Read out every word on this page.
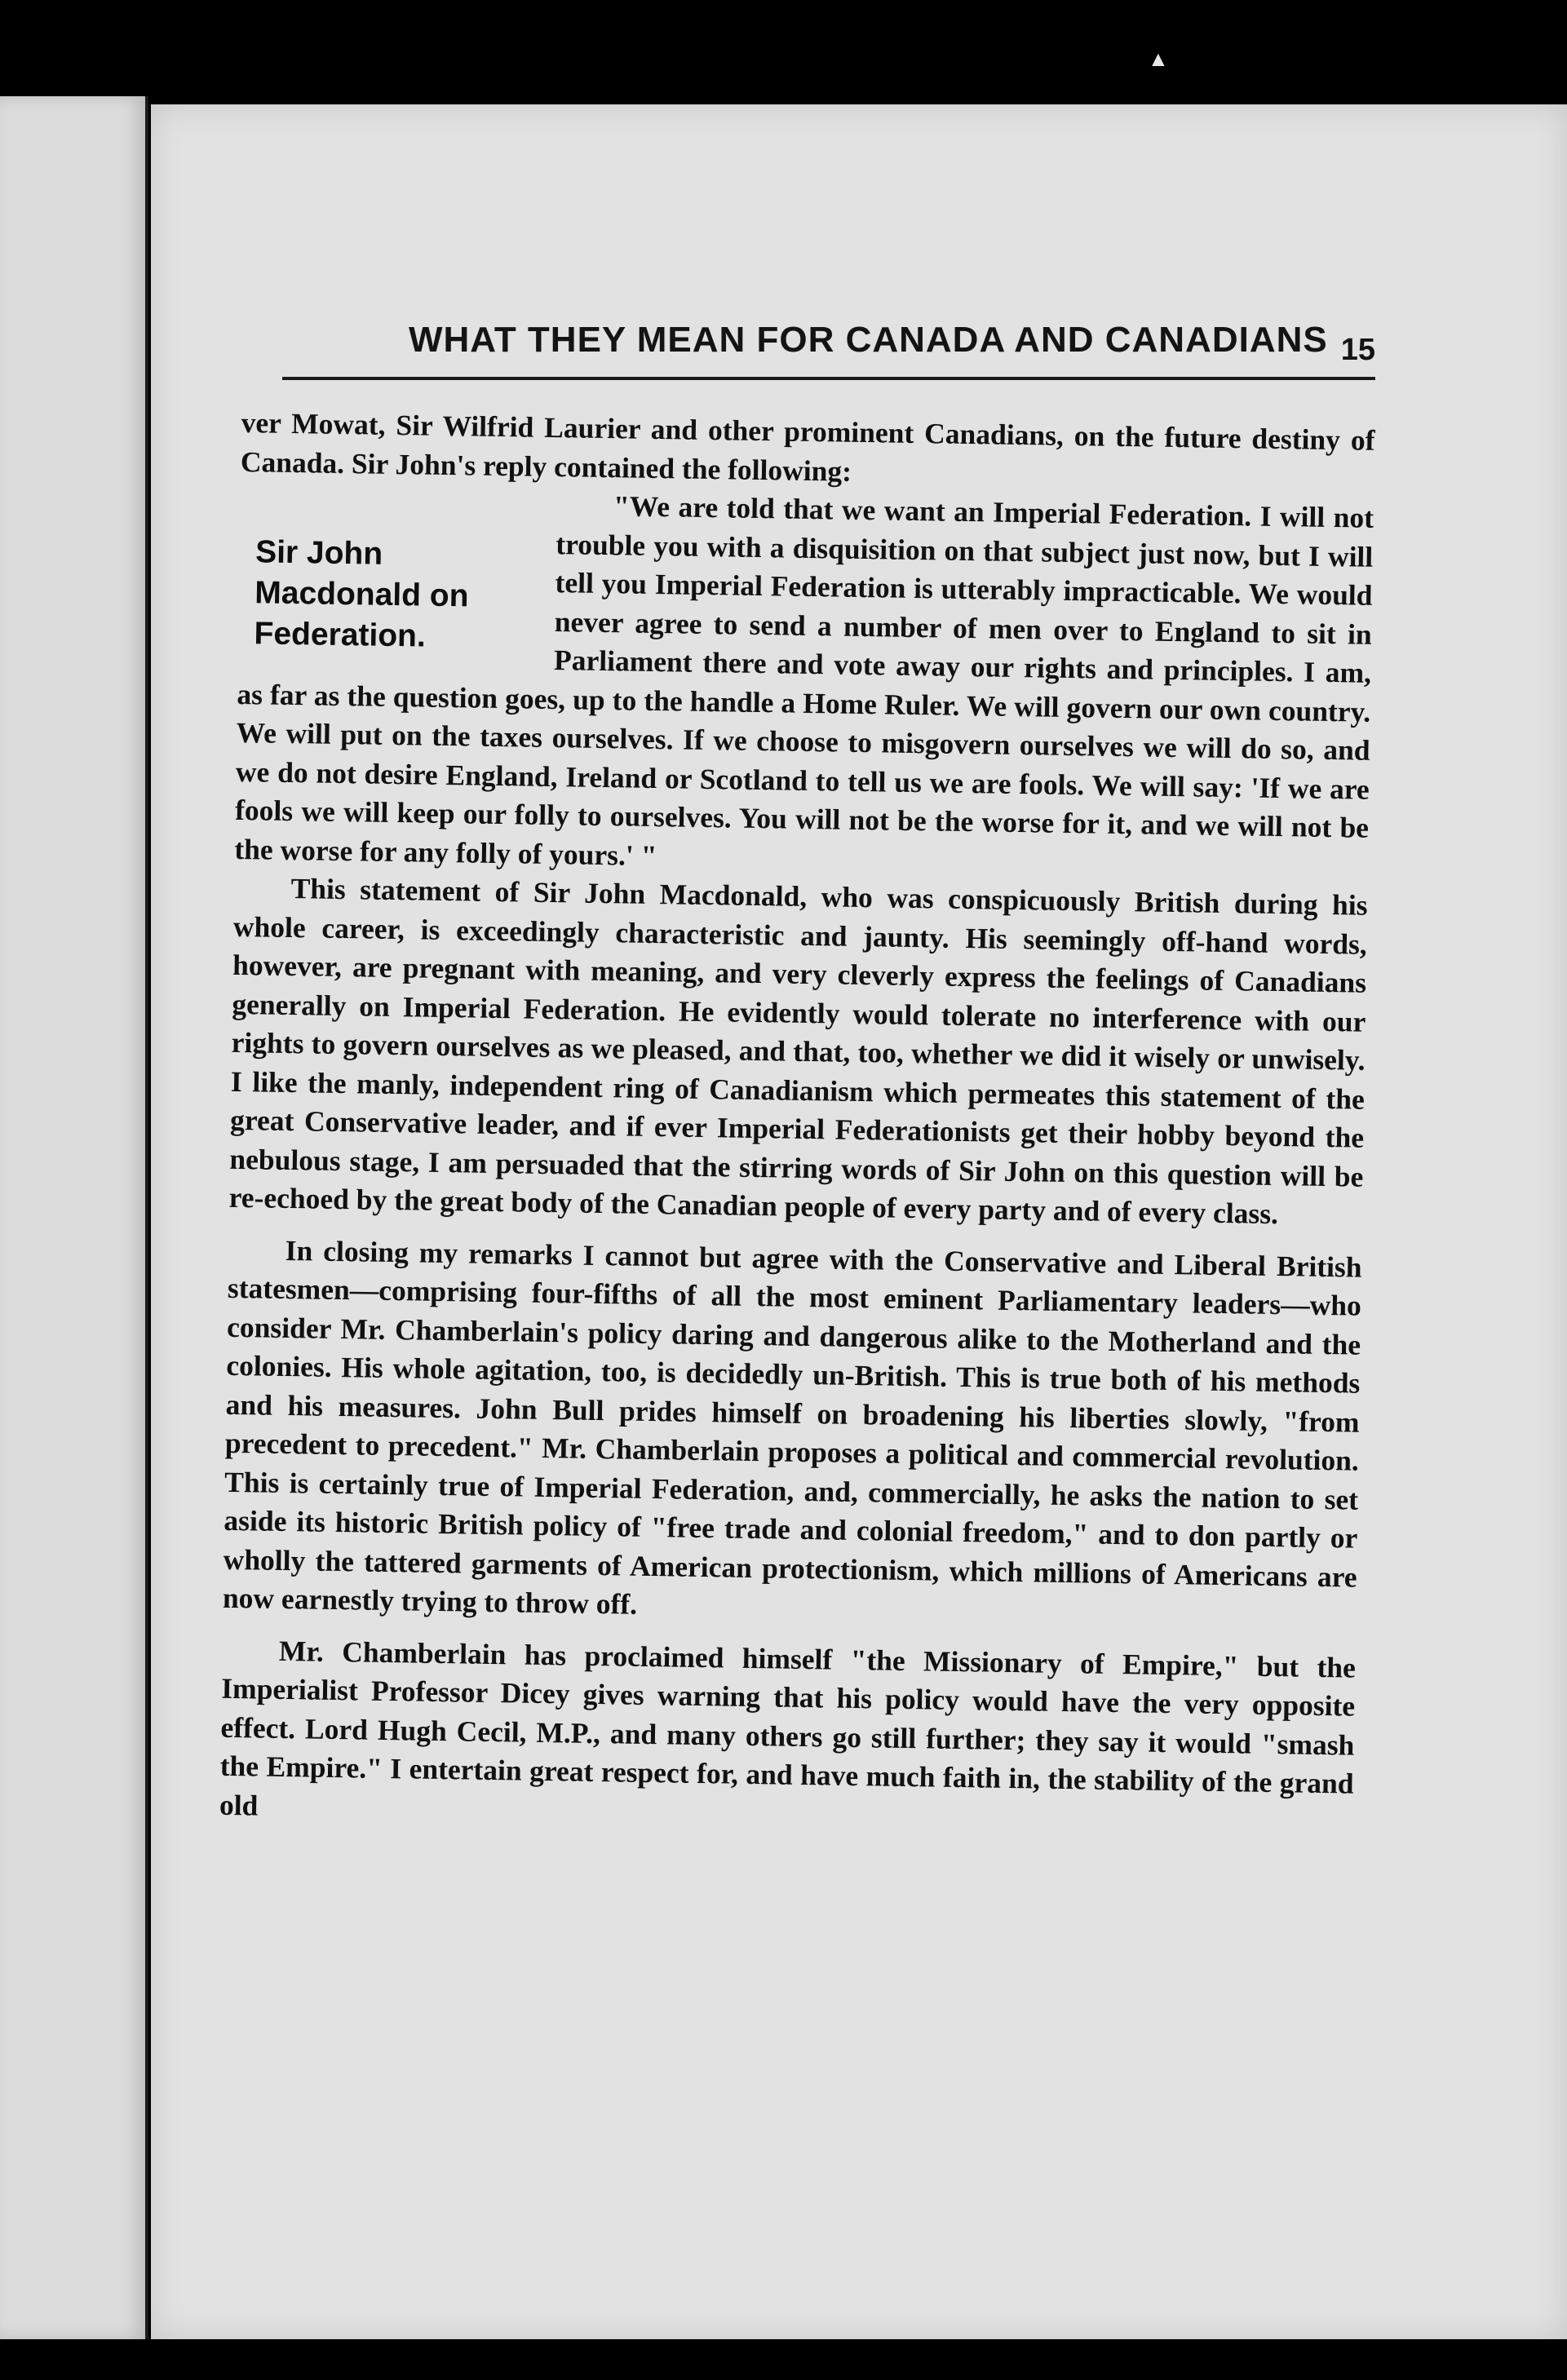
▲
WHAT THEY MEAN FOR CANADA AND CANADIANS 15

ver Mowat, Sir Wilfrid Laurier and other prominent Canadians, on the future destiny of Canada. Sir John's reply contained the following:

Sir John Macdonald on Federation.

"We are told that we want an Imperial Federation. I will not trouble you with a disquisition on that subject just now, but I will tell you Imperial Federation is utterably impracticable. We would never agree to send a number of men over to England to sit in Parliament there and vote away our rights and principles. I am, as far as the question goes, up to the handle a Home Ruler. We will govern our own country. We will put on the taxes ourselves. If we choose to misgovern ourselves we will do so, and we do not desire England, Ireland or Scotland to tell us we are fools. We will say: 'If we are fools we will keep our folly to ourselves. You will not be the worse for it, and we will not be the worse for any folly of yours.' "

This statement of Sir John Macdonald, who was conspicuously British during his whole career, is exceedingly characteristic and jaunty. His seemingly off-hand words, however, are pregnant with meaning, and very cleverly express the feelings of Canadians generally on Imperial Federation. He evidently would tolerate no interference with our rights to govern ourselves as we pleased, and that, too, whether we did it wisely or unwisely. I like the manly, independent ring of Canadianism which permeates this statement of the great Conservative leader, and if ever Imperial Federationists get their hobby beyond the nebulous stage, I am persuaded that the stirring words of Sir John on this question will be re-echoed by the great body of the Canadian people of every party and of every class.

In closing my remarks I cannot but agree with the Conservative and Liberal British statesmen—comprising four-fifths of all the most eminent Parliamentary leaders—who consider Mr. Chamberlain's policy daring and dangerous alike to the Motherland and the colonies. His whole agitation, too, is decidedly un-British. This is true both of his methods and his measures. John Bull prides himself on broadening his liberties slowly, "from precedent to precedent." Mr. Chamberlain proposes a political and commercial revolution. This is certainly true of Imperial Federation, and, commercially, he asks the nation to set aside its historic British policy of "free trade and colonial freedom," and to don partly or wholly the tattered garments of American protectionism, which millions of Americans are now earnestly trying to throw off.

Mr. Chamberlain has proclaimed himself "the Missionary of Empire," but the Imperialist Professor Dicey gives warning that his policy would have the very opposite effect. Lord Hugh Cecil, M.P., and many others go still further; they say it would "smash the Empire." I entertain great respect for, and have much faith in, the stability of the grand old
